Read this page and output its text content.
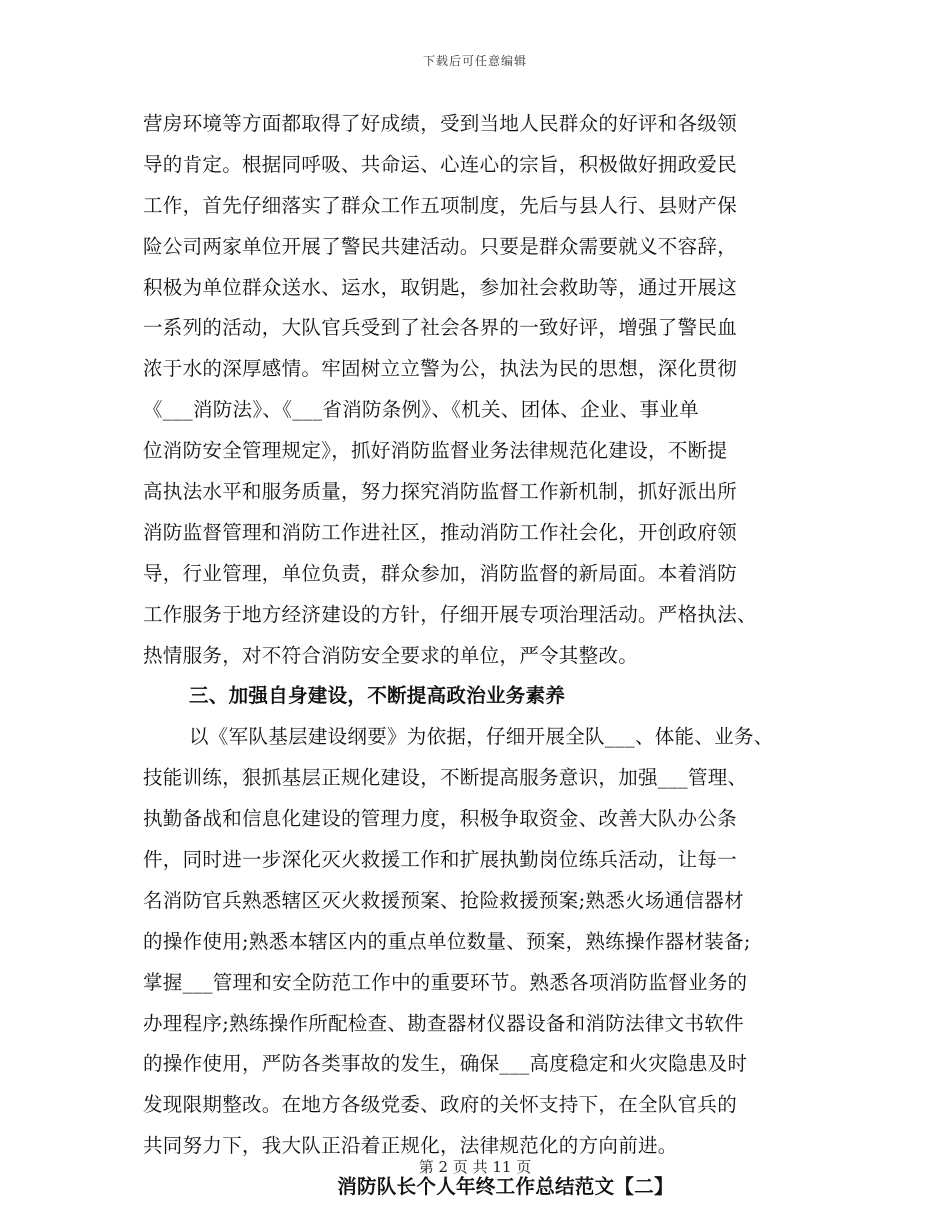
下载后可任意编辑
营房环境等方面都取得了好成绩，受到当地人民群众的好评和各级领
导的肯定。根据同呼吸、共命运、心连心的宗旨，积极做好拥政爱民
工作，首先仔细落实了群众工作五项制度，先后与县人行、县财产保
险公司两家单位开展了警民共建活动。只要是群众需要就义不容辞，
积极为单位群众送水、运水，取钥匙，参加社会救助等，通过开展这
一系列的活动，大队官兵受到了社会各界的一致好评，增强了警民血
浓于水的深厚感情。牢固树立立警为公，执法为民的思想，深化贯彻
《___消防法》、《___省消防条例》、《机关、团体、企业、事业单
位消防安全管理规定》，抓好消防监督业务法律规范化建设，不断提
高执法水平和服务质量，努力探究消防监督工作新机制，抓好派出所
消防监督管理和消防工作进社区，推动消防工作社会化，开创政府领
导，行业管理，单位负责，群众参加，消防监督的新局面。本着消防
工作服务于地方经济建设的方针，仔细开展专项治理活动。严格执法、
热情服务，对不符合消防安全要求的单位，严令其整改。
三、加强自身建设，不断提高政治业务素养
以《军队基层建设纲要》为依据，仔细开展全队___、体能、业务、
技能训练，狠抓基层正规化建设，不断提高服务意识，加强___管理、
执勤备战和信息化建设的管理力度，积极争取资金、改善大队办公条
件，同时进一步深化灭火救援工作和扩展执勤岗位练兵活动，让每一
名消防官兵熟悉辖区灭火救援预案、抢险救援预案;熟悉火场通信器材
的操作使用;熟悉本辖区内的重点单位数量、预案，熟练操作器材装备;
掌握___管理和安全防范工作中的重要环节。熟悉各项消防监督业务的
办理程序;熟练操作所配检查、勘查器材仪器设备和消防法律文书软件
的操作使用，严防各类事故的发生，确保___高度稳定和火灾隐患及时
发现限期整改。在地方各级党委、政府的关怀支持下，在全队官兵的
共同努力下，我大队正沿着正规化，法律规范化的方向前进。
消防队长个人年终工作总结范文【二】
第 2 页 共 11 页
